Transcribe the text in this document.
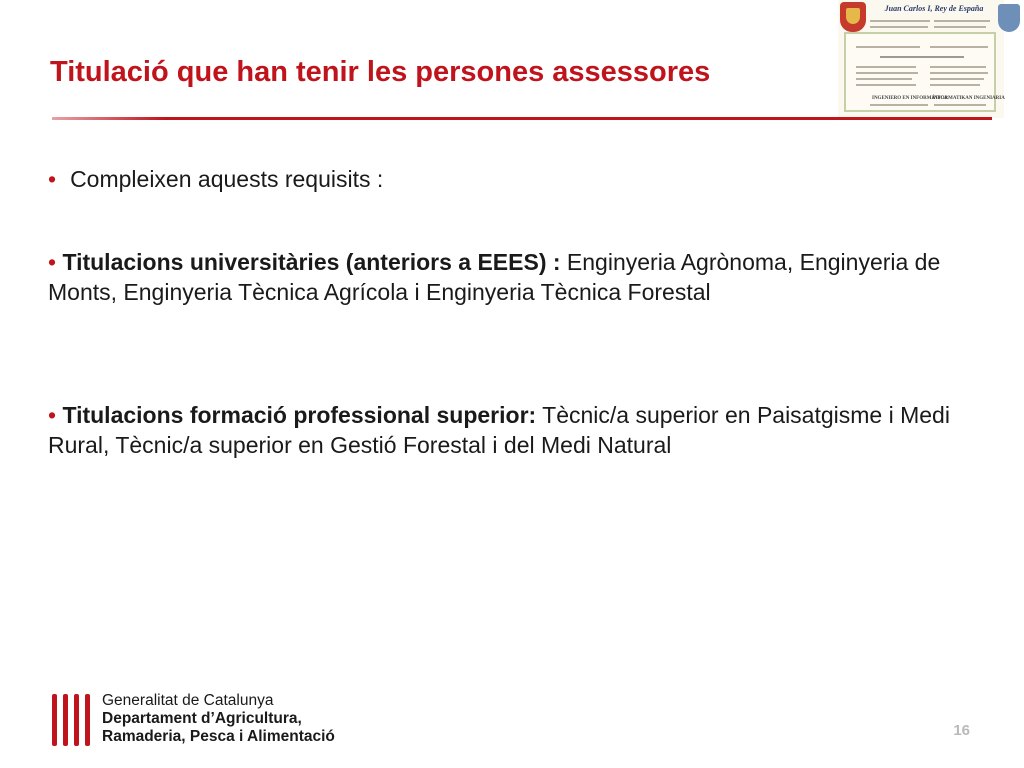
Juan Carlos I, Rey de España
INGENIERO EN INFORMÁTICA
INFORMATIKAN INGENIARIA
Titulació que han tenir les persones assessores
• Compleixen aquests requisits :

• Titulacions universitàries (anteriors a EEES) : Enginyeria Agrònoma, Enginyeria de Monts, Enginyeria Tècnica Agrícola i Enginyeria Tècnica Forestal

• Titulacions formació professional superior: Tècnic/a superior en Paisatgisme i Medi Rural, Tècnic/a superior en Gestió Forestal i del Medi Natural

Generalitat de Catalunya
Departament d’Agricultura,
Ramaderia, Pesca i Alimentació	16
